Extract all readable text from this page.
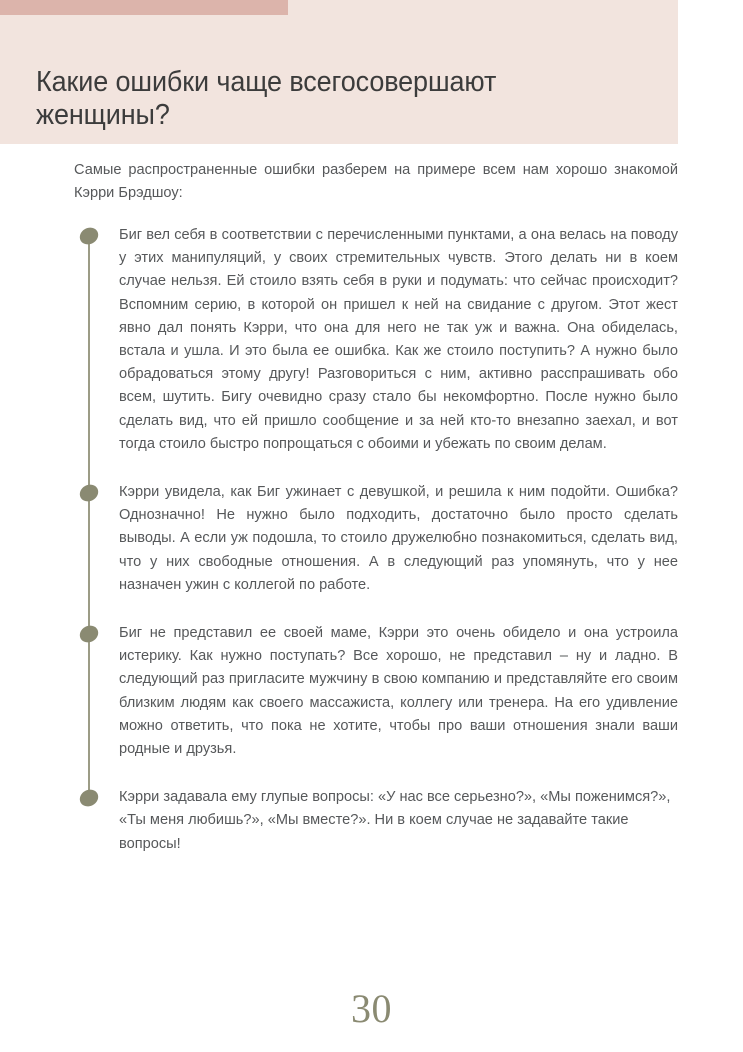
Какие ошибки чаще всегосовершают женщины?

Самые распространенные ошибки разберем на примере всем нам хорошо знакомой Кэрри Брэдшоу:

Биг вел себя в соответствии с перечисленными пунктами, а она велась на поводу у этих манипуляций, у своих стремительных чувств. Этого делать ни в коем случае нельзя. Ей стоило взять себя в руки и подумать: что сейчас происходит? Вспомним серию, в которой он пришел к ней на свидание с другом. Этот жест явно дал понять Кэрри, что она для него не так уж и важна. Она обиделась, встала и ушла. И это была ее ошибка. Как же стоило поступить? А нужно было обрадоваться этому другу! Разговориться с ним, активно расспрашивать обо всем, шутить. Бигу очевидно сразу стало бы некомфортно. После нужно было сделать вид, что ей пришло сообщение и за ней кто-то внезапно заехал, и вот тогда стоило быстро попрощаться с обоими и убежать по своим делам.

Кэрри увидела, как Биг ужинает с девушкой, и решила к ним подойти. Ошибка? Однозначно! Не нужно было подходить, достаточно было просто сделать выводы. А если уж подошла, то стоило дружелюбно познакомиться, сделать вид, что у них свободные отношения. А в следующий раз упомянуть, что у нее назначен ужин с коллегой по работе.

Биг не представил ее своей маме, Кэрри это очень обидело и она устроила истерику. Как нужно поступать? Все хорошо, не представил – ну и ладно. В следующий раз пригласите мужчину в свою компанию и представляйте его своим близким людям как своего массажиста, коллегу или тренера. На его удивление можно ответить, что пока не хотите, чтобы про ваши отношения знали ваши родные и друзья.

Кэрри задавала ему глупые вопросы: «У нас все серьезно?», «Мы поженимся?», «Ты меня любишь?», «Мы вместе?». Ни в коем случае не задавайте такие вопросы!

30
